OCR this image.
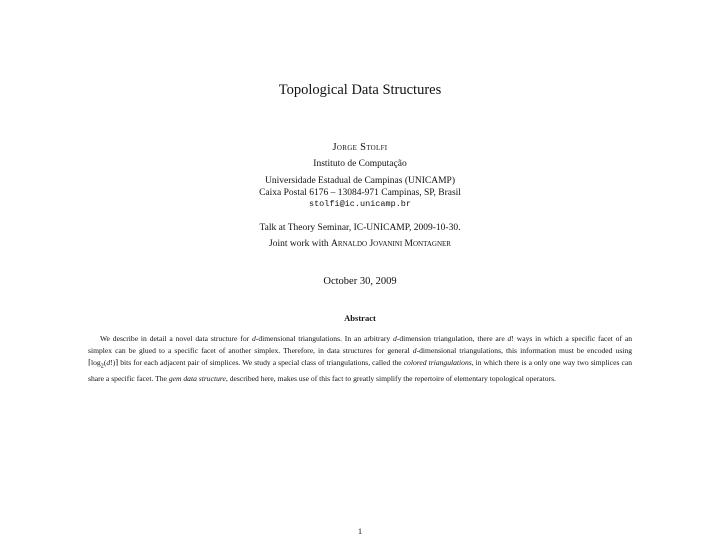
Topological Data Structures
Jorge Stolfi
Instituto de Computação
Universidade Estadual de Campinas (UNICAMP)
Caixa Postal 6176 – 13084-971 Campinas, SP, Brasil
stolfi@ic.unicamp.br
Talk at Theory Seminar, IC-UNICAMP, 2009-10-30.
Joint work with Arnaldo Jovanini Montagner
October 30, 2009
Abstract
We describe in detail a novel data structure for d-dimensional triangulations. In an arbitrary d-dimension triangulation, there are d! ways in which a specific facet of an simplex can be glued to a specific facet of another simplex. Therefore, in data structures for general d-dimensional triangulations, this information must be encoded using $⌈\log_2(d!)⌉$ bits for each adjacent pair of simplices. We study a special class of triangulations, called the colored triangulations, in which there is a only one way two simplices can share a specific facet. The gem data structure, described here, makes use of this fact to greatly simplify the repertoire of elementary topological operators.
1
